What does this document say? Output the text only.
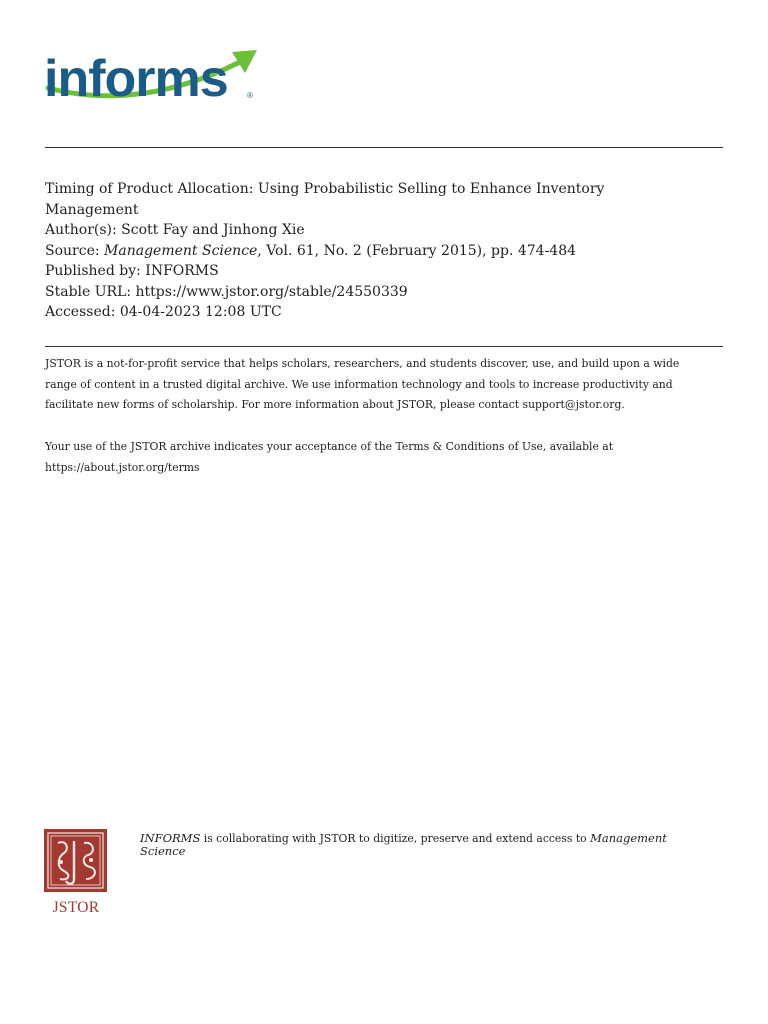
informs ®
Timing of Product Allocation: Using Probabilistic Selling to Enhance Inventory
Management
Author(s): Scott Fay and Jinhong Xie
Source: Management Science, Vol. 61, No. 2 (February 2015), pp. 474-484
Published by: INFORMS
Stable URL: https://www.jstor.org/stable/24550339
Accessed: 04-04-2023 12:08 UTC

JSTOR is a not-for-profit service that helps scholars, researchers, and students discover, use, and build upon a wide
range of content in a trusted digital archive. We use information technology and tools to increase productivity and
facilitate new forms of scholarship. For more information about JSTOR, please contact support@jstor.org.

Your use of the JSTOR archive indicates your acceptance of the Terms & Conditions of Use, available at
https://about.jstor.org/terms

JSTOR
INFORMS is collaborating with JSTOR to digitize, preserve and extend access to Management
Science
